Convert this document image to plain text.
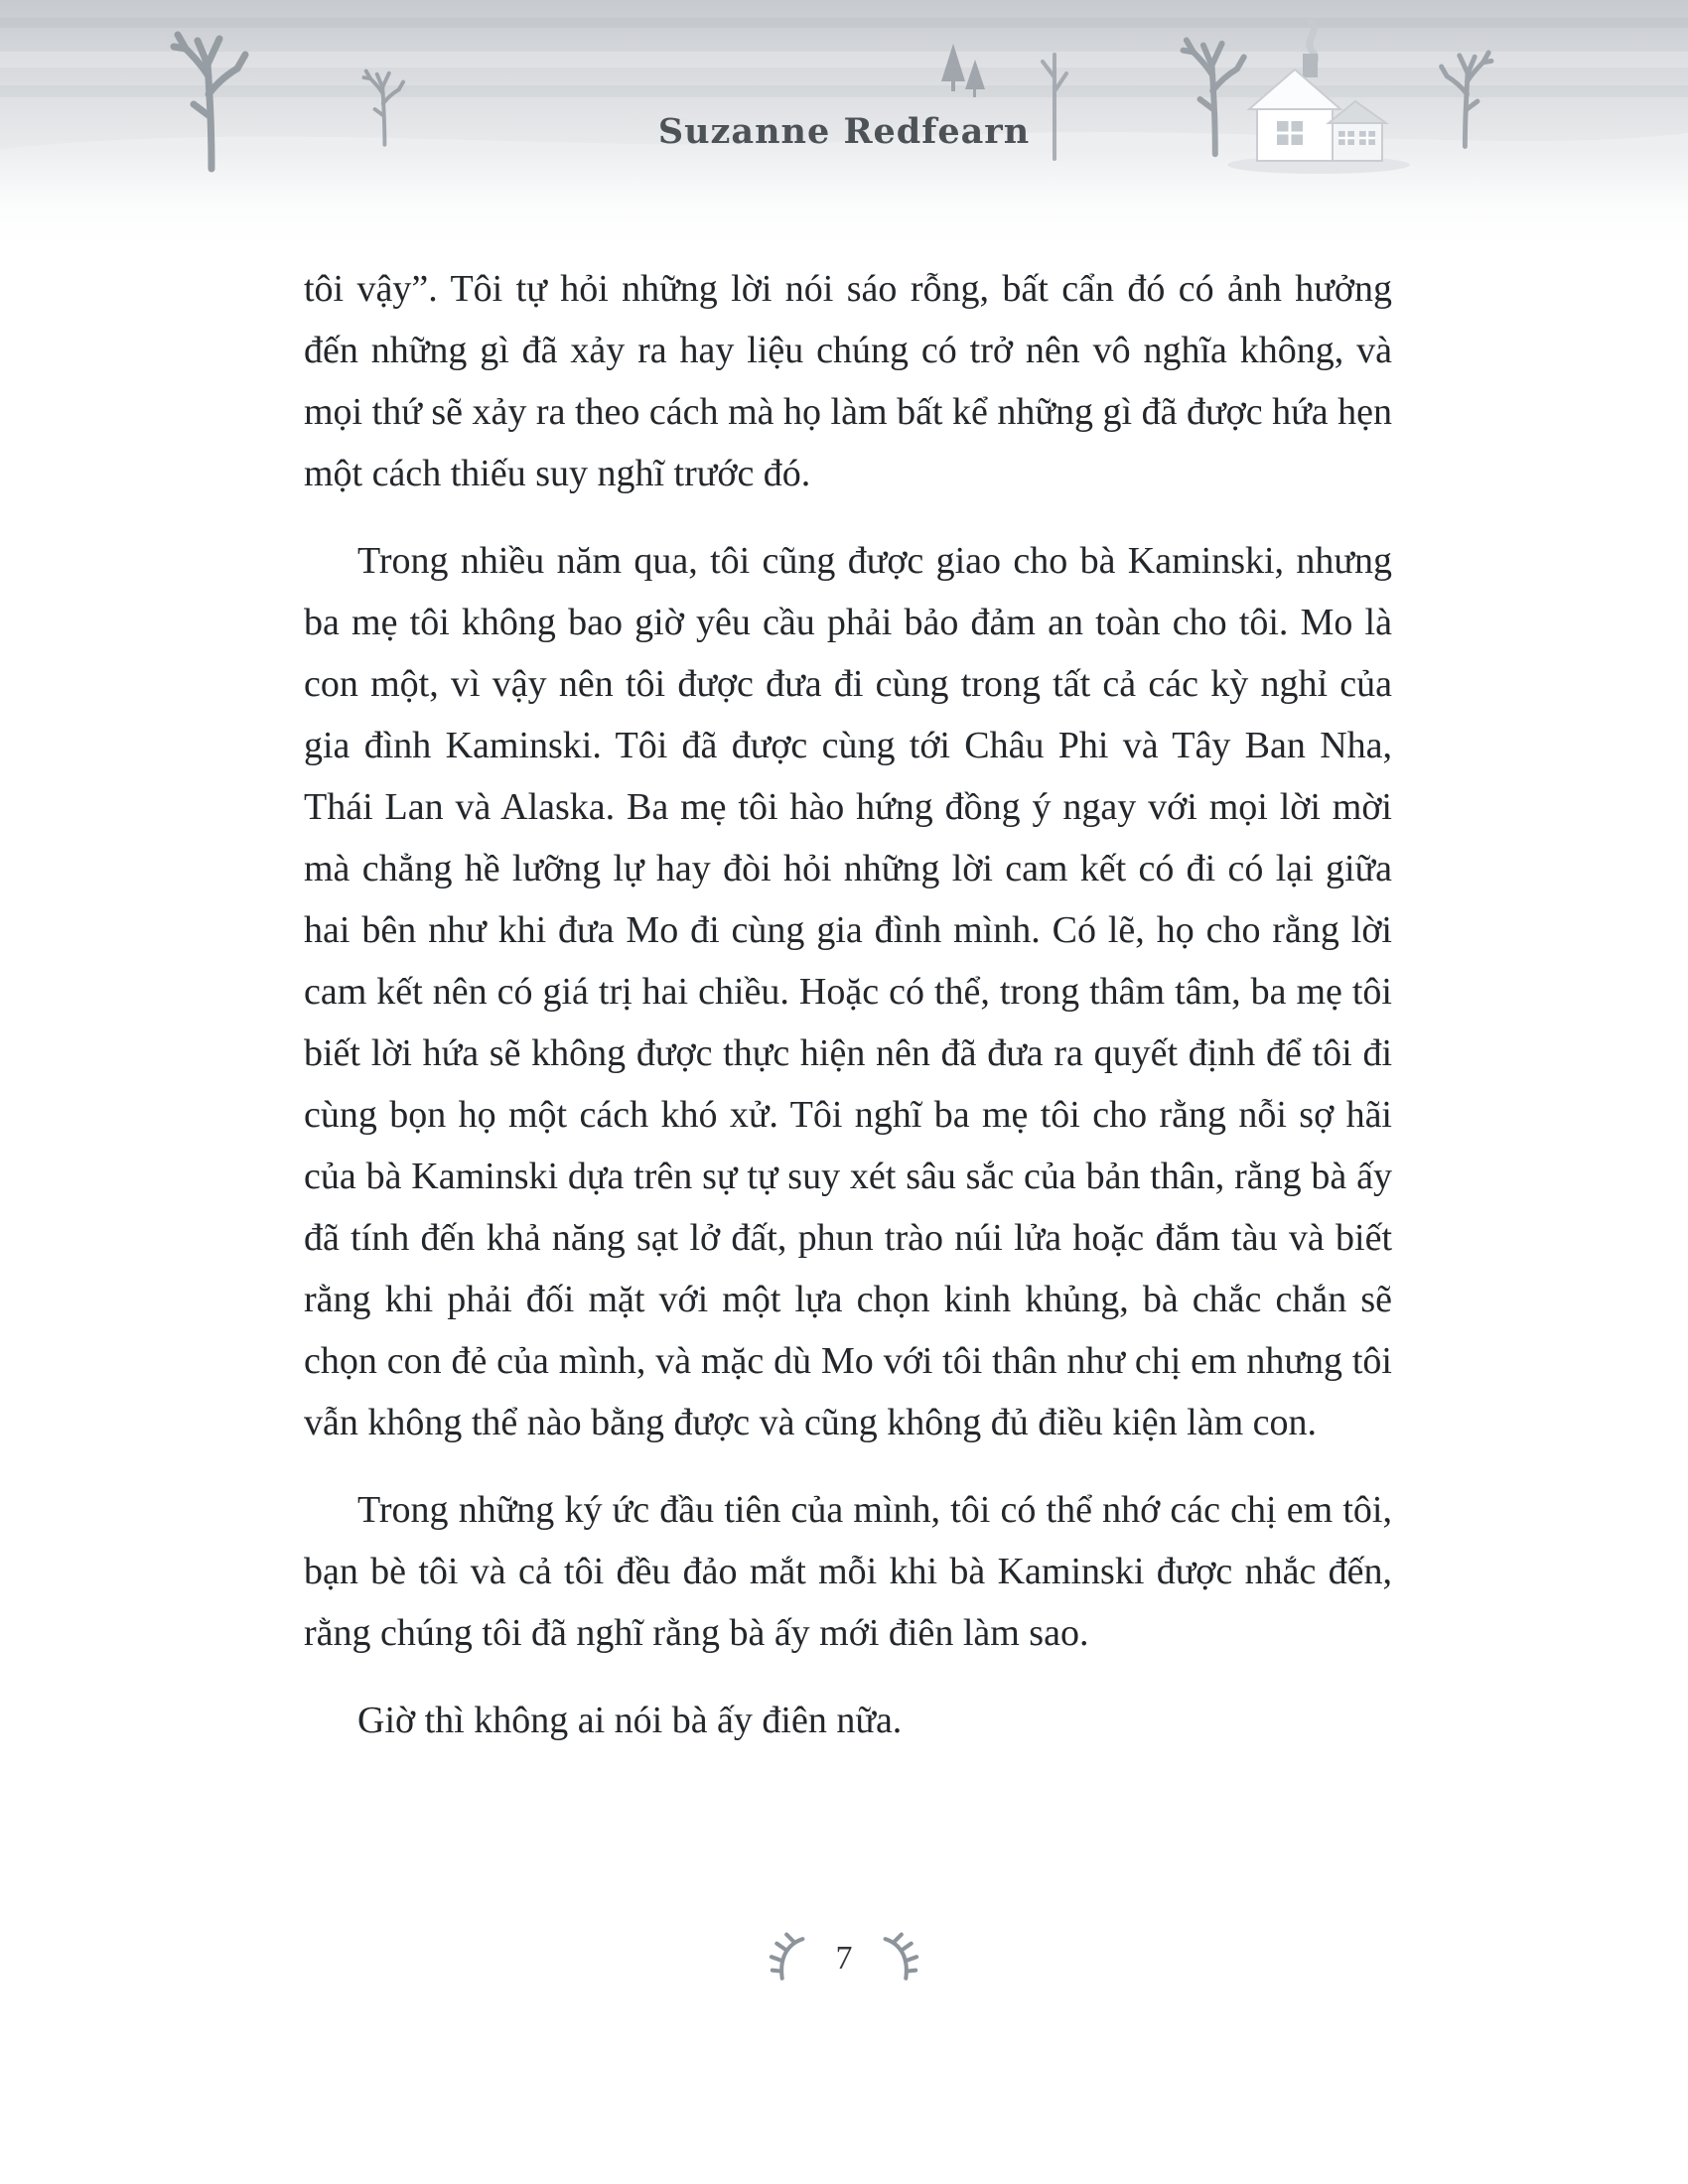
Suzanne Redfearn

tôi vậy”. Tôi tự hỏi những lời nói sáo rỗng, bất cẩn đó có ảnh hưởng đến những gì đã xảy ra hay liệu chúng có trở nên vô nghĩa không, và mọi thứ sẽ xảy ra theo cách mà họ làm bất kể những gì đã được hứa hẹn một cách thiếu suy nghĩ trước đó.

Trong nhiều năm qua, tôi cũng được giao cho bà Kaminski, nhưng ba mẹ tôi không bao giờ yêu cầu phải bảo đảm an toàn cho tôi. Mo là con một, vì vậy nên tôi được đưa đi cùng trong tất cả các kỳ nghỉ của gia đình Kaminski. Tôi đã được cùng tới Châu Phi và Tây Ban Nha, Thái Lan và Alaska. Ba mẹ tôi hào hứng đồng ý ngay với mọi lời mời mà chẳng hề lưỡng lự hay đòi hỏi những lời cam kết có đi có lại giữa hai bên như khi đưa Mo đi cùng gia đình mình. Có lẽ, họ cho rằng lời cam kết nên có giá trị hai chiều. Hoặc có thể, trong thâm tâm, ba mẹ tôi biết lời hứa sẽ không được thực hiện nên đã đưa ra quyết định để tôi đi cùng bọn họ một cách khó xử. Tôi nghĩ ba mẹ tôi cho rằng nỗi sợ hãi của bà Kaminski dựa trên sự tự suy xét sâu sắc của bản thân, rằng bà ấy đã tính đến khả năng sạt lở đất, phun trào núi lửa hoặc đắm tàu và biết rằng khi phải đối mặt với một lựa chọn kinh khủng, bà chắc chắn sẽ chọn con đẻ của mình, và mặc dù Mo với tôi thân như chị em nhưng tôi vẫn không thể nào bằng được và cũng không đủ điều kiện làm con.

Trong những ký ức đầu tiên của mình, tôi có thể nhớ các chị em tôi, bạn bè tôi và cả tôi đều đảo mắt mỗi khi bà Kaminski được nhắc đến, rằng chúng tôi đã nghĩ rằng bà ấy mới điên làm sao.

Giờ thì không ai nói bà ấy điên nữa.

7
